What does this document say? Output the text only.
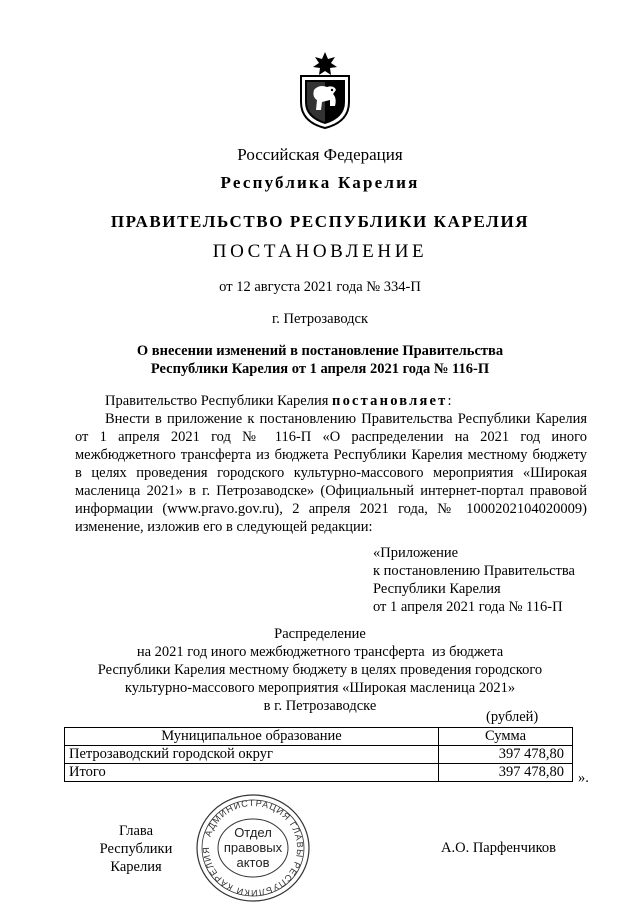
Российская Федерация
Республика Карелия
ПРАВИТЕЛЬСТВО РЕСПУБЛИКИ КАРЕЛИЯ
ПОСТАНОВЛЕНИЕ
от 12 августа 2021 года № 334-П
г. Петрозаводск
О внесении изменений в постановление Правительства
Республики Карелия от 1 апреля 2021 года № 116-П
Правительство Республики Карелия постановляет:
Внести в приложение к постановлению Правительства Республики Карелия от 1 апреля 2021 год № 116-П «О распределении на 2021 год иного межбюджетного трансферта из бюджета Республики Карелия местному бюджету в целях проведения городского культурно-массового мероприятия «Широкая масленица 2021» в г. Петрозаводске» (Официальный интернет-портал правовой информации (www.pravo.gov.ru), 2 апреля 2021 года, № 1000202104020009) изменение, изложив его в следующей редакции:
«Приложение
к постановлению Правительства
Республики Карелия
от 1 апреля 2021 года № 116-П
Распределение
на 2021 год иного межбюджетного трансферта  из бюджета
Республики Карелия местному бюджету в целях проведения городского
культурно-массового мероприятия «Широкая масленица 2021»
в г. Петрозаводске
(рублей)
Муниципальное образование	Сумма
Петрозаводский городской округ	397 478,80
Итого	397 478,80 ».
Глава
Республики Карелия
А.О. Парфенчиков
АДМИНИСТРАЦИЯ ГЛАВЫ РЕСПУБЛИКИ КАРЕЛИЯ
Отдел
правовых
актов
